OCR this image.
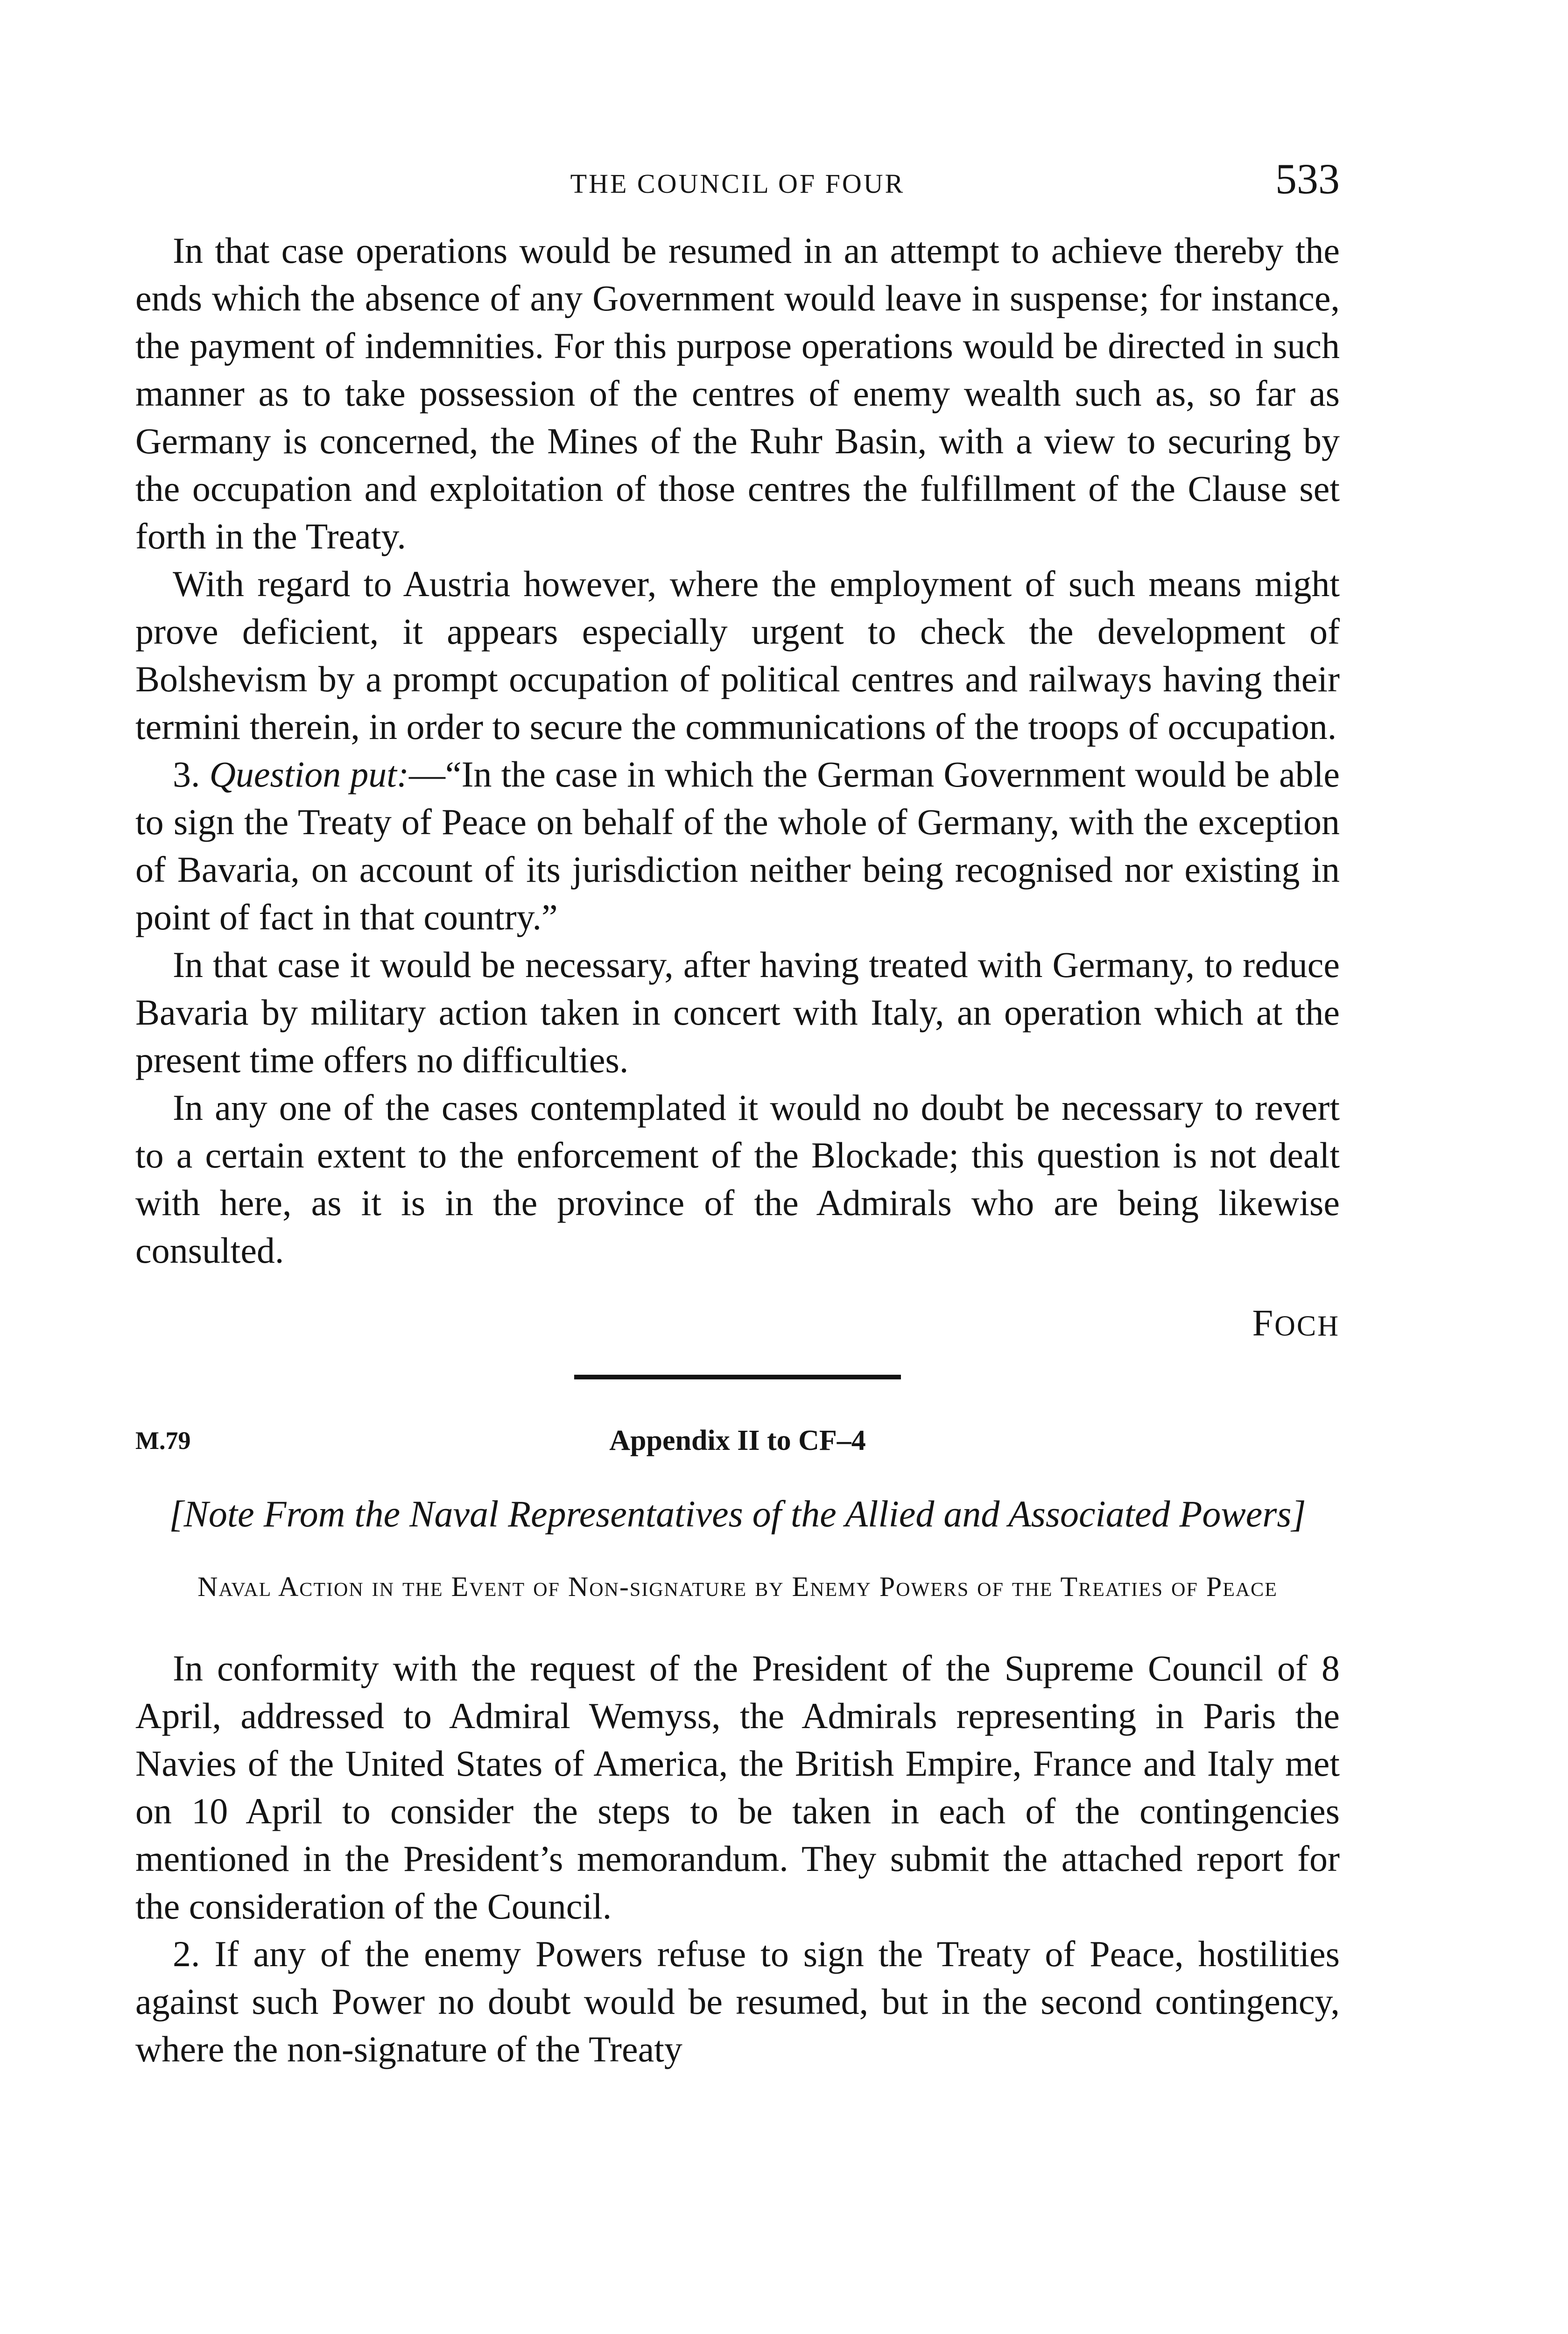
THE COUNCIL OF FOUR	533

In that case operations would be resumed in an attempt to achieve thereby the ends which the absence of any Government would leave in suspense; for instance, the payment of indemnities. For this purpose operations would be directed in such manner as to take possession of the centres of enemy wealth such as, so far as Germany is concerned, the Mines of the Ruhr Basin, with a view to securing by the occupation and exploitation of those centres the fulfillment of the Clause set forth in the Treaty.

With regard to Austria however, where the employment of such means might prove deficient, it appears especially urgent to check the development of Bolshevism by a prompt occupation of political centres and railways having their termini therein, in order to secure the communications of the troops of occupation.

3. Question put:—“In the case in which the German Government would be able to sign the Treaty of Peace on behalf of the whole of Germany, with the exception of Bavaria, on account of its jurisdiction neither being recognised nor existing in point of fact in that country.”

In that case it would be necessary, after having treated with Germany, to reduce Bavaria by military action taken in concert with Italy, an operation which at the present time offers no difficulties.

In any one of the cases contemplated it would no doubt be necessary to revert to a certain extent to the enforcement of the Blockade; this question is not dealt with here, as it is in the province of the Admirals who are being likewise consulted.

FOCH
M.79	Appendix II to CF–4

[Note From the Naval Representatives of the Allied and Associated Powers]

Naval Action in the Event of Non-signature by Enemy Powers of the Treaties of Peace

In conformity with the request of the President of the Supreme Council of 8 April, addressed to Admiral Wemyss, the Admirals representing in Paris the Navies of the United States of America, the British Empire, France and Italy met on 10 April to consider the steps to be taken in each of the contingencies mentioned in the President’s memorandum. They submit the attached report for the consideration of the Council.

2. If any of the enemy Powers refuse to sign the Treaty of Peace, hostilities against such Power no doubt would be resumed, but in the second contingency, where the non-signature of the Treaty
